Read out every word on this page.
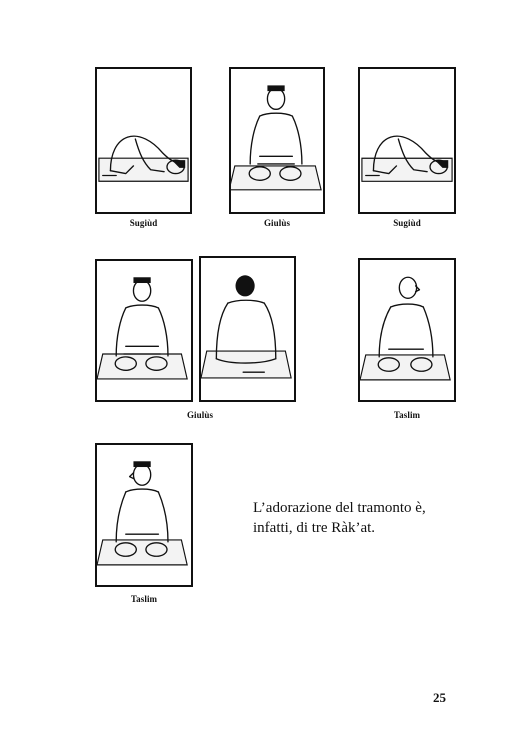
Sugiùd	Giulùs	Sugiùd
Giulùs	Taslim
Taslim
L’adorazione del tramonto è, infatti, di tre Ràk’at.
25
